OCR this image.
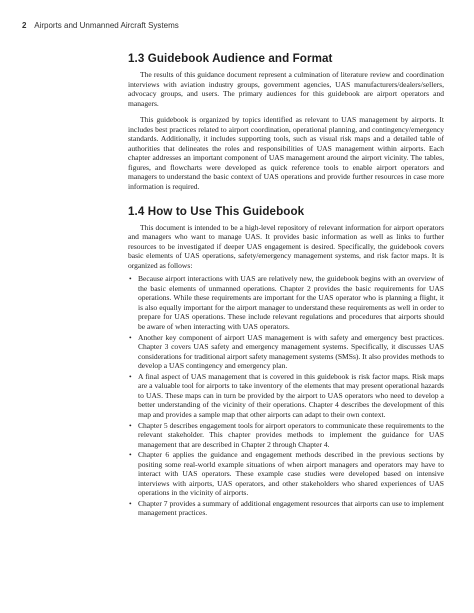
2 Airports and Unmanned Aircraft Systems
1.3 Guidebook Audience and Format

The results of this guidance document represent a culmination of literature review and coordination interviews with aviation industry groups, government agencies, UAS manufacturers/dealers/sellers, advocacy groups, and users. The primary audiences for this guidebook are airport operators and managers.

This guidebook is organized by topics identified as relevant to UAS management by airports. It includes best practices related to airport coordination, operational planning, and contingency/emergency standards. Additionally, it includes supporting tools, such as visual risk maps and a detailed table of authorities that delineates the roles and responsibilities of UAS management within airports. Each chapter addresses an important component of UAS management around the airport vicinity. The tables, figures, and flowcharts were developed as quick reference tools to enable airport operators and managers to understand the basic context of UAS operations and provide further resources in case more information is required.

1.4 How to Use This Guidebook

This document is intended to be a high-level repository of relevant information for airport operators and managers who want to manage UAS. It provides basic information as well as links to further resources to be investigated if deeper UAS engagement is desired. Specifically, the guidebook covers basic elements of UAS operations, safety/emergency management systems, and risk factor maps. It is organized as follows:

• Because airport interactions with UAS are relatively new, the guidebook begins with an overview of the basic elements of unmanned operations. Chapter 2 provides the basic requirements for UAS operations. While these requirements are important for the UAS operator who is planning a flight, it is also equally important for the airport manager to understand these requirements as well in order to prepare for UAS operations. These include relevant regulations and procedures that airports should be aware of when interacting with UAS operators.
• Another key component of airport UAS management is with safety and emergency best practices. Chapter 3 covers UAS safety and emergency management systems. Specifically, it discusses UAS considerations for traditional airport safety management systems (SMSs). It also provides methods to develop a UAS contingency and emergency plan.
• A final aspect of UAS management that is covered in this guidebook is risk factor maps. Risk maps are a valuable tool for airports to take inventory of the elements that may present operational hazards to UAS. These maps can in turn be provided by the airport to UAS operators who need to develop a better understanding of the vicinity of their operations. Chapter 4 describes the development of this map and provides a sample map that other airports can adapt to their own context.
• Chapter 5 describes engagement tools for airport operators to communicate these requirements to the relevant stakeholder. This chapter provides methods to implement the guidance for UAS management that are described in Chapter 2 through Chapter 4.
• Chapter 6 applies the guidance and engagement methods described in the previous sections by positing some real-world example situations of when airport managers and operators may have to interact with UAS operators. These example case studies were developed based on intensive interviews with airports, UAS operators, and other stakeholders who shared experiences of UAS operations in the vicinity of airports.
• Chapter 7 provides a summary of additional engagement resources that airports can use to implement management practices.
